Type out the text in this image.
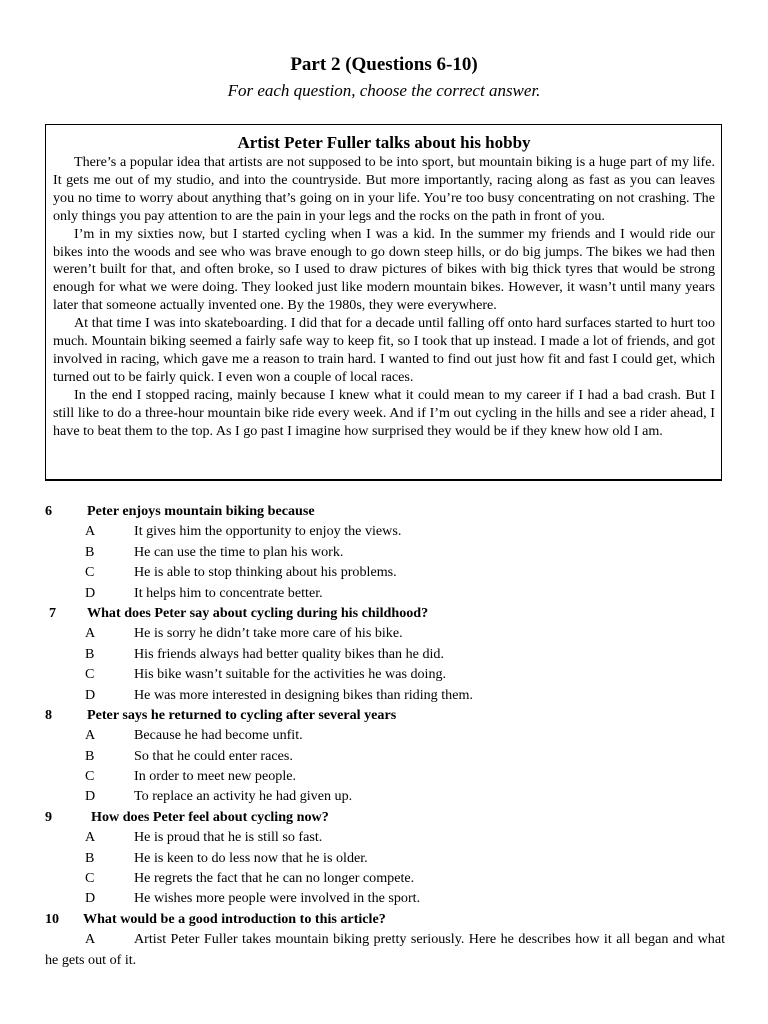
Part 2 (Questions 6-10)
For each question, choose the correct answer.
Artist Peter Fuller talks about his hobby

There’s a popular idea that artists are not supposed to be into sport, but mountain biking is a huge part of my life. It gets me out of my studio, and into the countryside. But more importantly, racing along as fast as you can leaves you no time to worry about anything that’s going on in your life. You’re too busy concentrating on not crashing. The only things you pay attention to are the pain in your legs and the rocks on the path in front of you.

I’m in my sixties now, but I started cycling when I was a kid. In the summer my friends and I would ride our bikes into the woods and see who was brave enough to go down steep hills, or do big jumps. The bikes we had then weren’t built for that, and often broke, so I used to draw pictures of bikes with big thick tyres that would be strong enough for what we were doing. They looked just like modern mountain bikes. However, it wasn’t until many years later that someone actually invented one. By the 1980s, they were everywhere.

At that time I was into skateboarding. I did that for a decade until falling off onto hard surfaces started to hurt too much. Mountain biking seemed a fairly safe way to keep fit, so I took that up instead. I made a lot of friends, and got involved in racing, which gave me a reason to train hard. I wanted to find out just how fit and fast I could get, which turned out to be fairly quick. I even won a couple of local races.

In the end I stopped racing, mainly because I knew what it could mean to my career if I had a bad crash. But I still like to do a three-hour mountain bike ride every week. And if I’m out cycling in the hills and see a rider ahead, I have to beat them to the top. As I go past I imagine how surprised they would be if they knew how old I am.

6 Peter enjoys mountain biking because
A	It gives him the opportunity to enjoy the views.
B	He can use the time to plan his work.
C	He is able to stop thinking about his problems.
D	It helps him to concentrate better.
7 What does Peter say about cycling during his childhood?
A	He is sorry he didn’t take more care of his bike.
B	His friends always had better quality bikes than he did.
C	His bike wasn’t suitable for the activities he was doing.
D	He was more interested in designing bikes than riding them.
8 Peter says he returned to cycling after several years
A	Because he had become unfit.
B	So that he could enter races.
C	In order to meet new people.
D	To replace an activity he had given up.
9	How does Peter feel about cycling now?
A	He is proud that he is still so fast.
B	He is keen to do less now that he is older.
C	He regrets the fact that he can no longer compete.
D	He wishes more people were involved in the sport.
10 What would be a good introduction to this article?
A	Artist Peter Fuller takes mountain biking pretty seriously. Here he describes how it all began and what he gets out of it.
